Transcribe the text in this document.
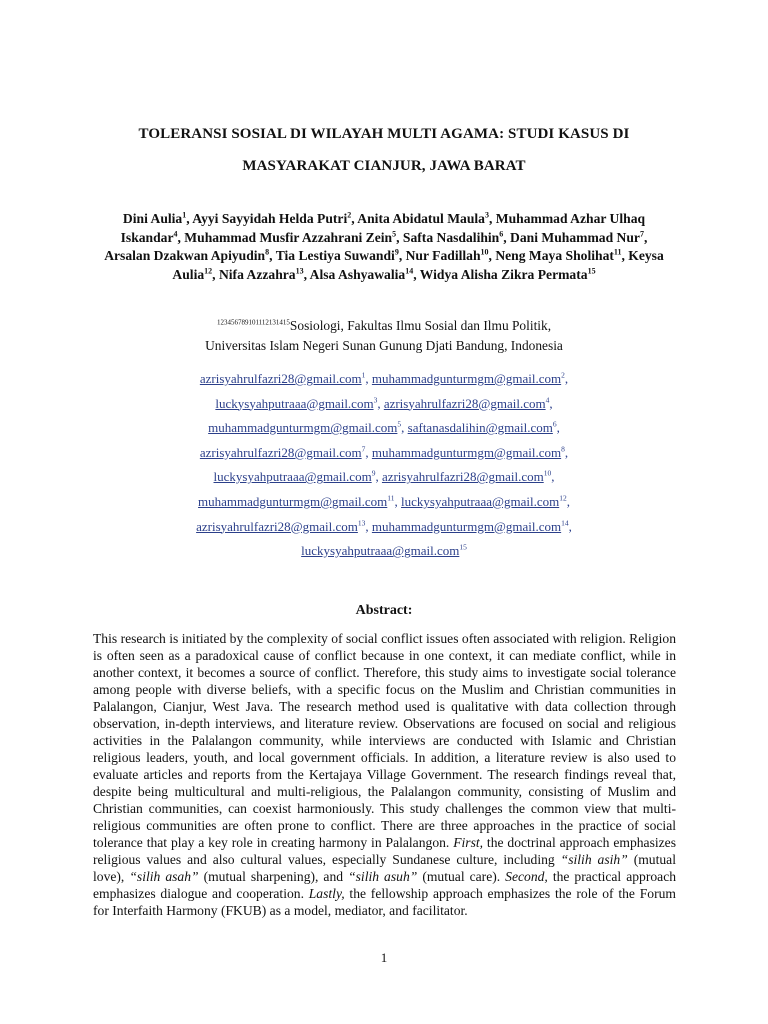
TOLERANSI SOSIAL DI WILAYAH MULTI AGAMA: STUDI KASUS DI
MASYARAKAT CIANJUR, JAWA BARAT
Dini Aulia$^1$, Ayyi Sayyidah Helda Putri$^2$, Anita Abidatul Maula$^3$, Muhammad Azhar Ulhaq Iskandar$^4$, Muhammad Musfir Azzahrani Zein$^5$, Safta Nasdalihin$^6$, Dani Muhammad Nur$^7$, Arsalan Dzakwan Apiyudin$^8$, Tia Lestiya Suwandi$^9$, Nur Fadillah$^{10}$, Neng Maya Sholihat$^{11}$, Keysa Aulia$^{12}$, Nifa Azzahra$^{13}$, Alsa Ashyawalia$^{14}$, Widya Alisha Zikra Permata$^{15}$
$^{123456789101112131415}$Sosiologi, Fakultas Ilmu Sosial dan Ilmu Politik,
Universitas Islam Negeri Sunan Gunung Djati Bandung, Indonesia
azrisyahrulfazri28@gmail.com$^1$, muhammadgunturmgm@gmail.com$^2$,
luckysyahputraaa@gmail.com$^3$, azrisyahrulfazri28@gmail.com$^4$,
muhammadgunturmgm@gmail.com$^5$, saftanasdalihin@gmail.com$^6$,
azrisyahrulfazri28@gmail.com$^7$, muhammadgunturmgm@gmail.com$^8$,
luckysyahputraaa@gmail.com$^9$, azrisyahrulfazri28@gmail.com$^{10}$,
muhammadgunturmgm@gmail.com$^{11}$, luckysyahputraaa@gmail.com$^{12}$,
azrisyahrulfazri28@gmail.com$^{13}$, muhammadgunturmgm@gmail.com$^{14}$,
luckysyahputraaa@gmail.com$^{15}$
Abstract:

This research is initiated by the complexity of social conflict issues often associated with religion. Religion is often seen as a paradoxical cause of conflict because in one context, it can mediate conflict, while in another context, it becomes a source of conflict. Therefore, this study aims to investigate social tolerance among people with diverse beliefs, with a specific focus on the Muslim and Christian communities in Palalangon, Cianjur, West Java. The research method used is qualitative with data collection through observation, in-depth interviews, and literature review. Observations are focused on social and religious activities in the Palalangon community, while interviews are conducted with Islamic and Christian religious leaders, youth, and local government officials. In addition, a literature review is also used to evaluate articles and reports from the Kertajaya Village Government. The research findings reveal that, despite being multicultural and multi-religious, the Palalangon community, consisting of Muslim and Christian communities, can coexist harmoniously. This study challenges the common view that multi-religious communities are often prone to conflict. There are three approaches in the practice of social tolerance that play a key role in creating harmony in Palalangon. First, the doctrinal approach emphasizes religious values and also cultural values, especially Sundanese culture, including “silih asih” (mutual love), “silih asah” (mutual sharpening), and “silih asuh” (mutual care). Second, the practical approach emphasizes dialogue and cooperation. Lastly, the fellowship approach emphasizes the role of the Forum for Interfaith Harmony (FKUB) as a model, mediator, and facilitator.

1
